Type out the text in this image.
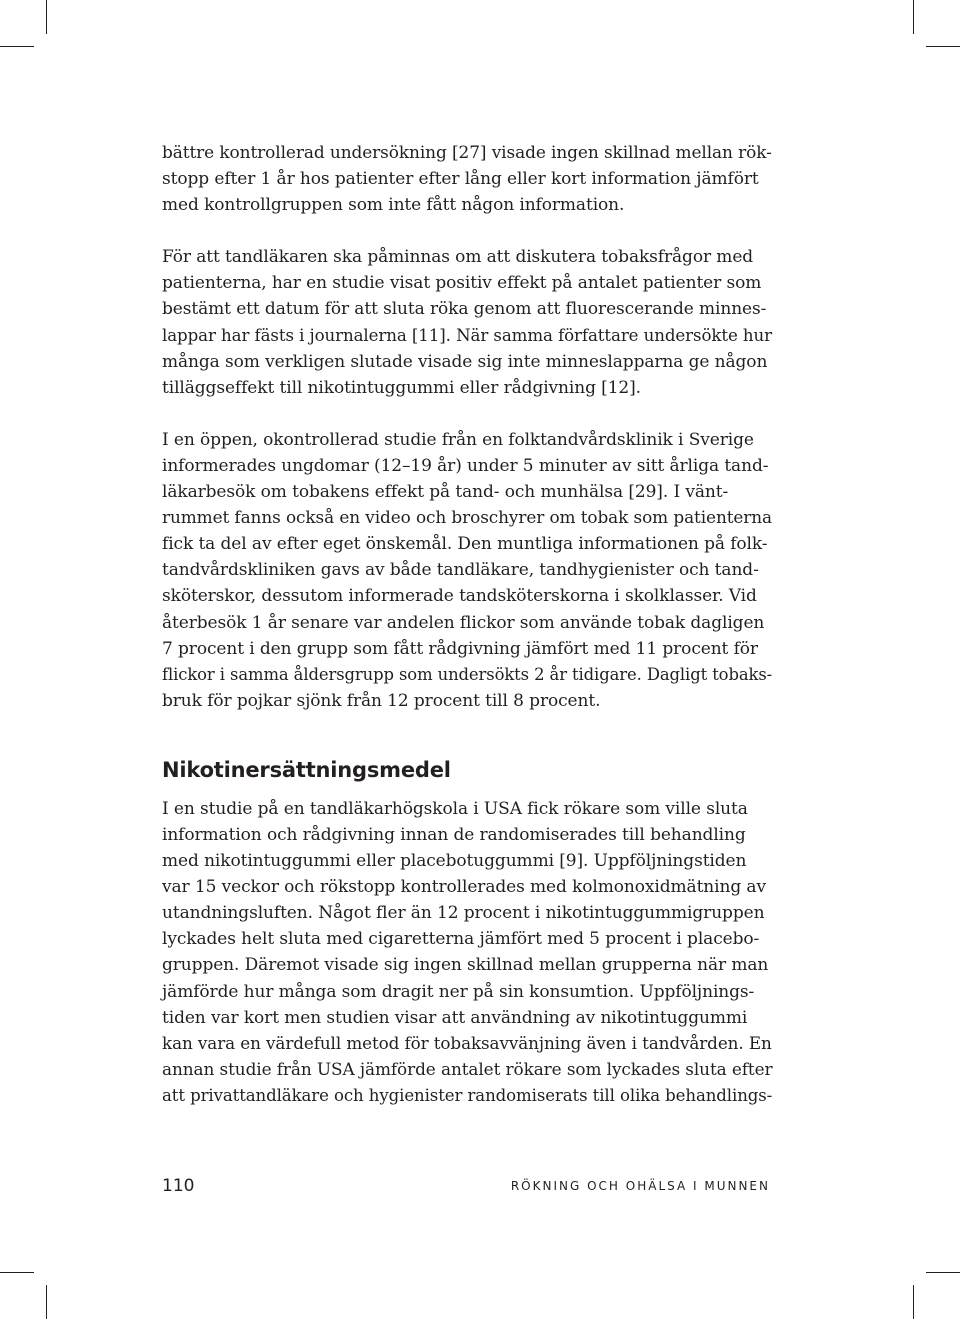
bättre kontrollerad undersökning [27] visade ingen skillnad mellan rök-
stopp efter 1 år hos patienter efter lång eller kort information jämfört
med kontrollgruppen som inte fått någon information.

För att tandläkaren ska påminnas om att diskutera tobaksfrågor med
patienterna, har en studie visat positiv effekt på antalet patienter som
bestämt ett datum för att sluta röka genom att fluorescerande minnes-
lappar har fästs i journalerna [11]. När samma författare undersökte hur
många som verkligen slutade visade sig inte minneslapparna ge någon
tilläggseffekt till nikotintuggummi eller rådgivning [12].

I en öppen, okontrollerad studie från en folktandvårdsklinik i Sverige
informerades ungdomar (12–19 år) under 5 minuter av sitt årliga tand-
läkarbesök om tobakens effekt på tand- och munhälsa [29]. I vänt-
rummet fanns också en video och broschyrer om tobak som patienterna
fick ta del av efter eget önskemål. Den muntliga informationen på folk-
tandvårdskliniken gavs av både tandläkare, tandhygienister och tand-
sköterskor, dessutom informerade tandsköterskorna i skolklasser. Vid
återbesök 1 år senare var andelen flickor som använde tobak dagligen
7 procent i den grupp som fått rådgivning jämfört med 11 procent för
flickor i samma åldersgrupp som undersökts 2 år tidigare. Dagligt tobaks-
bruk för pojkar sjönk från 12 procent till 8 procent.

Nikotinersättningsmedel

I en studie på en tandläkarhögskola i USA fick rökare som ville sluta
information och rådgivning innan de randomiserades till behandling
med nikotintuggummi eller placebotuggummi [9]. Uppföljningstiden
var 15 veckor och rökstopp kontrollerades med kolmonoxidmätning av
utandningsluften. Något fler än 12 procent i nikotintuggummigruppen
lyckades helt sluta med cigaretterna jämfört med 5 procent i placebo-
gruppen. Däremot visade sig ingen skillnad mellan grupperna när man
jämförde hur många som dragit ner på sin konsumtion. Uppföljnings-
tiden var kort men studien visar att användning av nikotintuggummi
kan vara en värdefull metod för tobaksavvänjning även i tandvården. En
annan studie från USA jämförde antalet rökare som lyckades sluta efter
att privattandläkare och hygienister randomiserats till olika behandlings-

110	RÖKNING OCH OHÄLSA I MUNNEN
